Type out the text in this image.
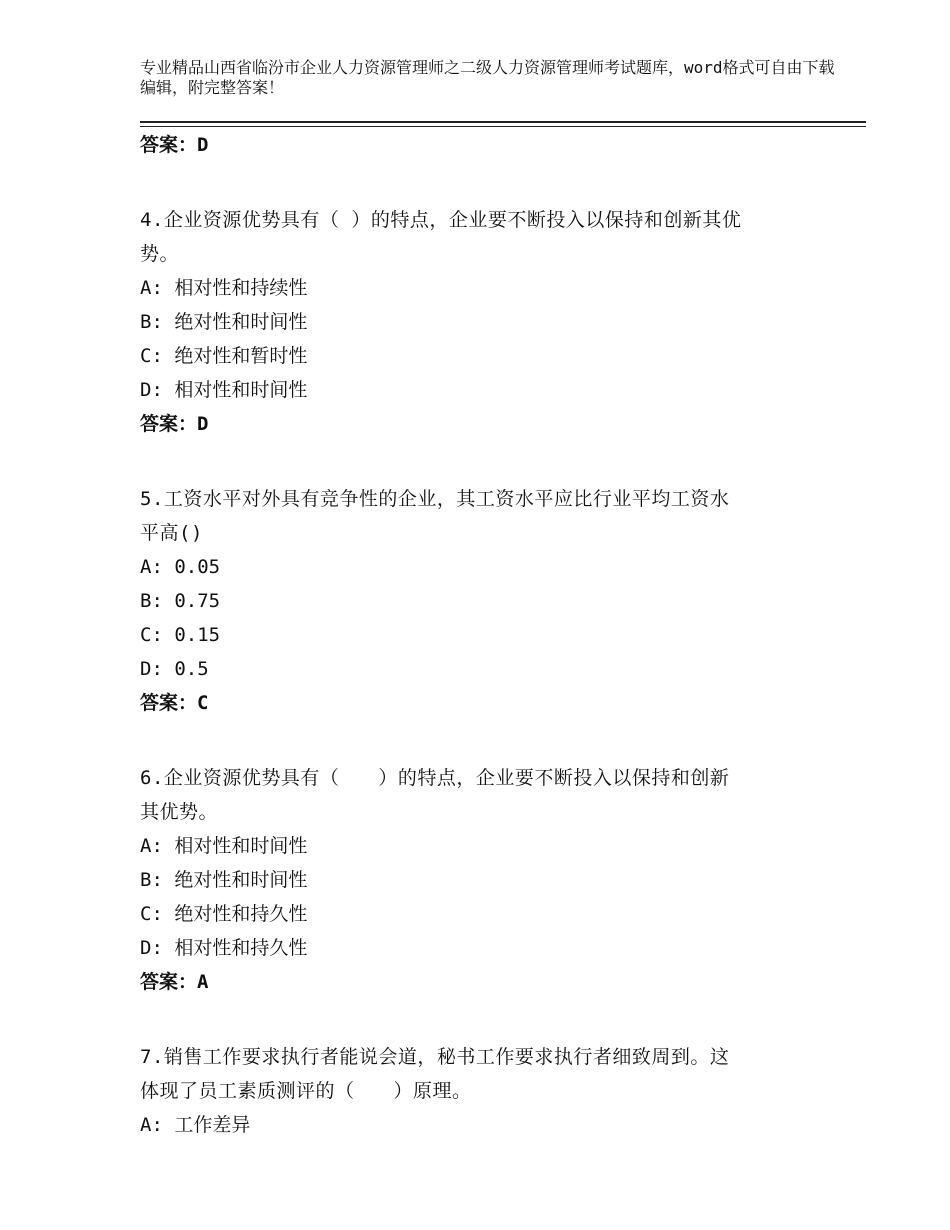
专业精品山西省临汾市企业人力资源管理师之二级人力资源管理师考试题库，word格式可自由下载编辑，附完整答案！

答案：D

4.企业资源优势具有（ ）的特点，企业要不断投入以保持和创新其优
势。

A: 相对性和持续性

B: 绝对性和时间性

C: 绝对性和暂时性

D: 相对性和时间性

答案：D

5.工资水平对外具有竞争性的企业，其工资水平应比行业平均工资水
平高()

A: 0.05

B: 0.75

C: 0.15

D: 0.5

答案：C

6.企业资源优势具有（　　）的特点，企业要不断投入以保持和创新
其优势。

A: 相对性和时间性

B: 绝对性和时间性

C: 绝对性和持久性

D: 相对性和持久性

答案：A

7.销售工作要求执行者能说会道，秘书工作要求执行者细致周到。这
体现了员工素质测评的（　　）原理。

A: 工作差异
